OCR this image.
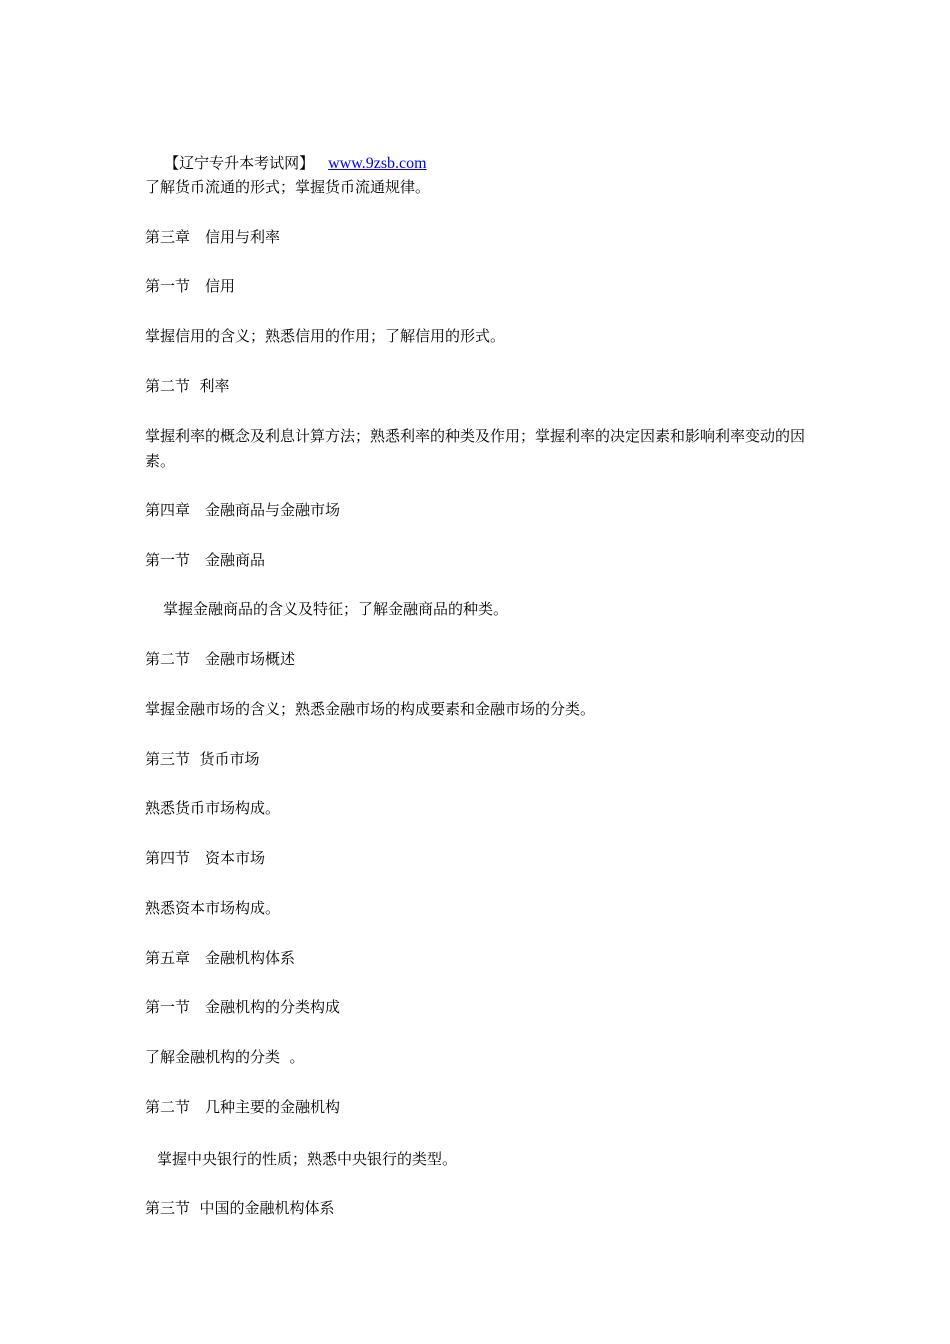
【辽宁专升本考试网】 www.9zsb.com

了解货币流通的形式；掌握货币流通规律。
第三章　信用与利率
第一节　信用
掌握信用的含义；熟悉信用的作用；了解信用的形式。
第二节  利率
掌握利率的概念及利息计算方法；熟悉利率的种类及作用；掌握利率的决定因素和影响利率变动的因素。
第四章　金融商品与金融市场
第一节　金融商品
掌握金融商品的含义及特征；了解金融商品的种类。
第二节　金融市场概述
掌握金融市场的含义；熟悉金融市场的构成要素和金融市场的分类。
第三节  货币市场
熟悉货币市场构成。
第四节　资本市场
熟悉资本市场构成。
第五章　金融机构体系
第一节　金融机构的分类构成
了解金融机构的分类  。
第二节　几种主要的金融机构
掌握中央银行的性质；熟悉中央银行的类型。
第三节  中国的金融机构体系
